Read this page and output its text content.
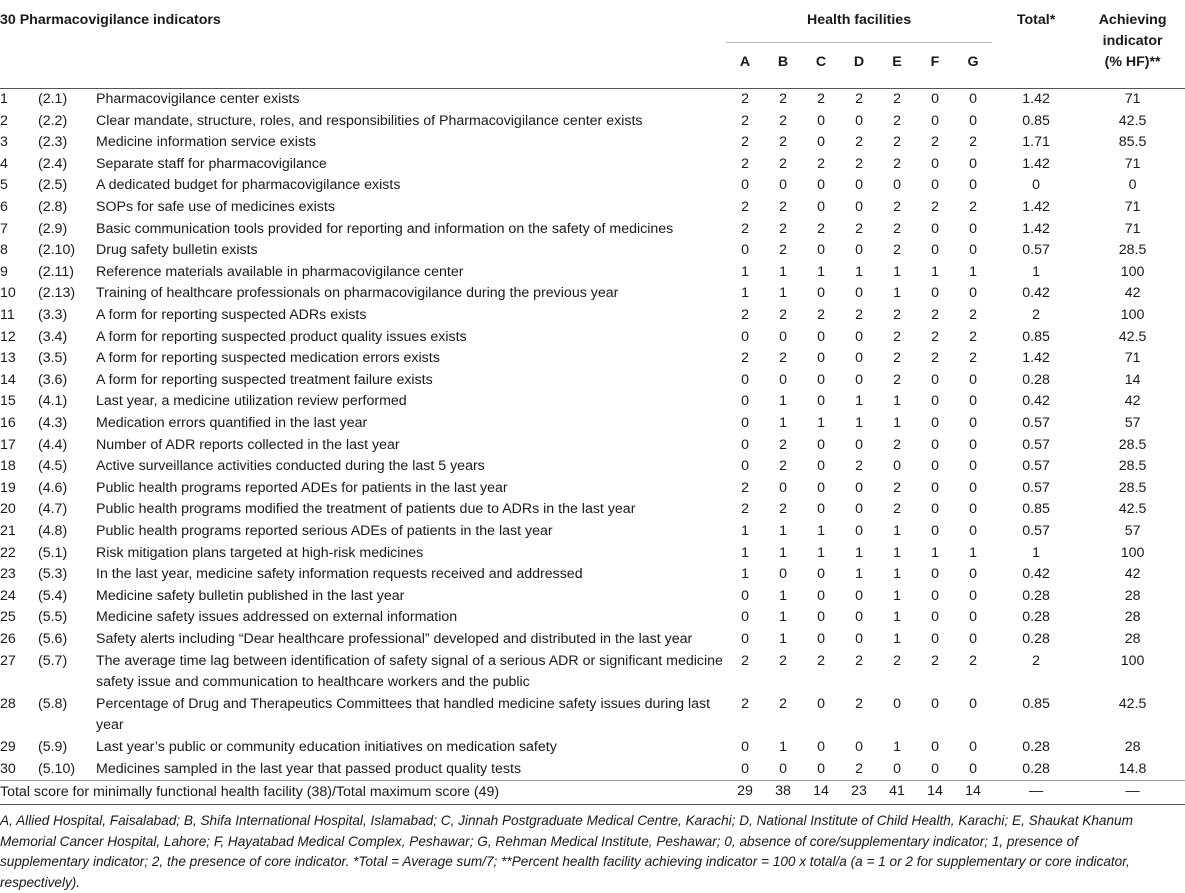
30 Pharmacovigilance indicators			Health facilities							Total*	Achieving
indicator
(% HF)**
			A	B	C	D	E	F	G		

1	(2.1)	Pharmacovigilance center exists	2	2	2	2	2	0	0	1.42	71
2	(2.2)	Clear mandate, structure, roles, and responsibilities of Pharmacovigilance center exists	2	2	0	0	2	0	0	0.85	42.5
3	(2.3)	Medicine information service exists	2	2	0	2	2	2	2	1.71	85.5
4	(2.4)	Separate staff for pharmacovigilance	2	2	2	2	2	0	0	1.42	71
5	(2.5)	A dedicated budget for pharmacovigilance exists	0	0	0	0	0	0	0	0	0
6	(2.8)	SOPs for safe use of medicines exists	2	2	0	0	2	2	2	1.42	71
7	(2.9)	Basic communication tools provided for reporting and information on the safety of medicines	2	2	2	2	2	0	0	1.42	71
8	(2.10)	Drug safety bulletin exists	0	2	0	0	2	0	0	0.57	28.5
9	(2.11)	Reference materials available in pharmacovigilance center	1	1	1	1	1	1	1	1	100
10	(2.13)	Training of healthcare professionals on pharmacovigilance during the previous year	1	1	0	0	1	0	0	0.42	42
11	(3.3)	A form for reporting suspected ADRs exists	2	2	2	2	2	2	2	2	100
12	(3.4)	A form for reporting suspected product quality issues exists	0	0	0	0	2	2	2	0.85	42.5
13	(3.5)	A form for reporting suspected medication errors exists	2	2	0	0	2	2	2	1.42	71
14	(3.6)	A form for reporting suspected treatment failure exists	0	0	0	0	2	0	0	0.28	14
15	(4.1)	Last year, a medicine utilization review performed	0	1	0	1	1	0	0	0.42	42
16	(4.3)	Medication errors quantified in the last year	0	1	1	1	1	0	0	0.57	57
17	(4.4)	Number of ADR reports collected in the last year	0	2	0	0	2	0	0	0.57	28.5
18	(4.5)	Active surveillance activities conducted during the last 5 years	0	2	0	2	0	0	0	0.57	28.5
19	(4.6)	Public health programs reported ADEs for patients in the last year	2	0	0	0	2	0	0	0.57	28.5
20	(4.7)	Public health programs modified the treatment of patients due to ADRs in the last year	2	2	0	0	2	0	0	0.85	42.5
21	(4.8)	Public health programs reported serious ADEs of patients in the last year	1	1	1	0	1	0	0	0.57	57
22	(5.1)	Risk mitigation plans targeted at high-risk medicines	1	1	1	1	1	1	1	1	100
23	(5.3)	In the last year, medicine safety information requests received and addressed	1	0	0	1	1	0	0	0.42	42
24	(5.4)	Medicine safety bulletin published in the last year	0	1	0	0	1	0	0	0.28	28
25	(5.5)	Medicine safety issues addressed on external information	0	1	0	0	1	0	0	0.28	28
26	(5.6)	Safety alerts including “Dear healthcare professional” developed and distributed in the last year	0	1	0	0	1	0	0	0.28	28
27	(5.7)	The average time lag between identification of safety signal of a serious ADR or significant medicine safety issue and communication to healthcare workers and the public	2	2	2	2	2	2	2	2	100
28	(5.8)	Percentage of Drug and Therapeutics Committees that handled medicine safety issues during last year	2	2	0	2	0	0	0	0.85	42.5
29	(5.9)	Last year’s public or community education initiatives on medication safety	0	1	0	0	1	0	0	0.28	28
30	(5.10)	Medicines sampled in the last year that passed product quality tests	0	0	0	2	0	0	0	0.28	14.8
Total score for minimally functional health facility (38)/Total maximum score (49)			29	38	14	23	41	14	14	—	—
A, Allied Hospital, Faisalabad; B, Shifa International Hospital, Islamabad; C, Jinnah Postgraduate Medical Centre, Karachi; D, National Institute of Child Health, Karachi; E, Shaukat Khanum Memorial Cancer Hospital, Lahore; F, Hayatabad Medical Complex, Peshawar; G, Rehman Medical Institute, Peshawar; 0, absence of core/supplementary indicator; 1, presence of supplementary indicator; 2, the presence of core indicator. *Total = Average sum/7; **Percent health facility achieving indicator = 100 x total/a (a = 1 or 2 for supplementary or core indicator, respectively).
